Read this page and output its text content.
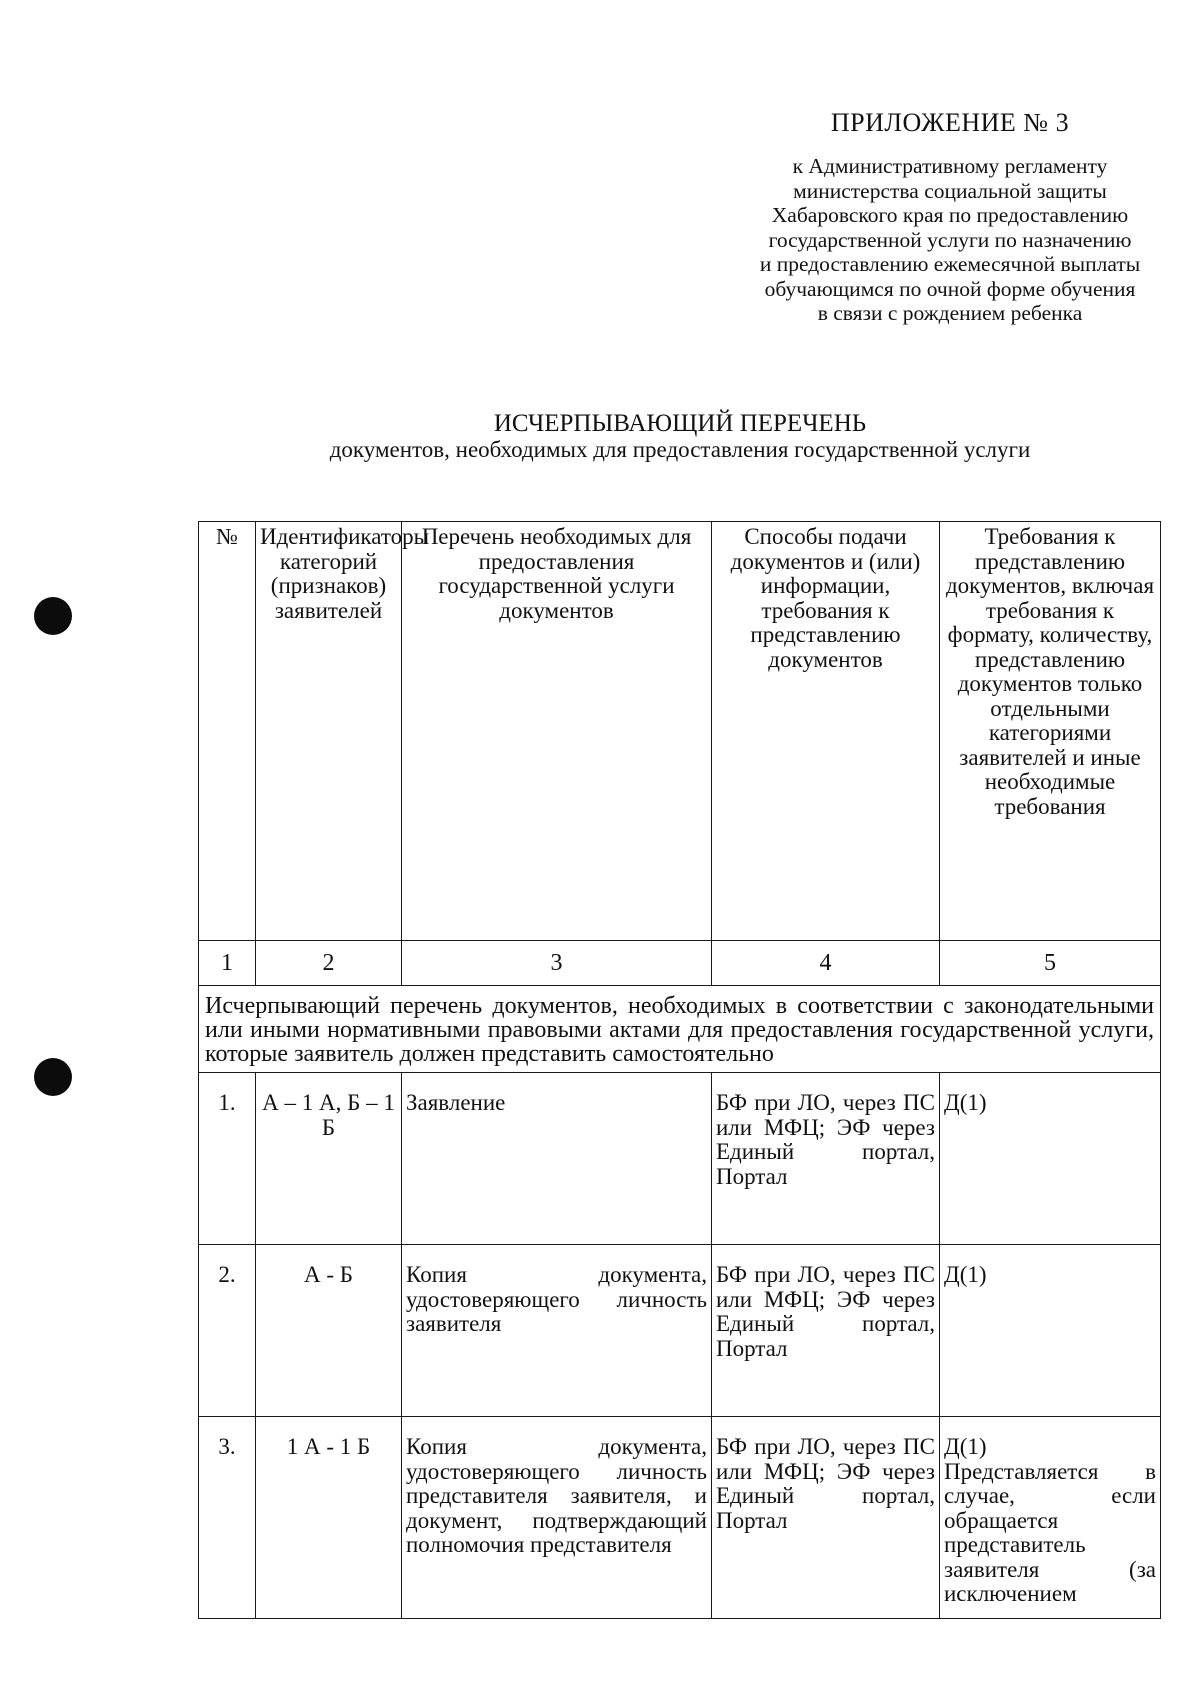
ПРИЛОЖЕНИЕ № 3
к Административному регламенту
министерства социальной защиты
Хабаровского края по предоставлению
государственной услуги по назначению
и предоставлению ежемесячной выплаты
обучающимся по очной форме обучения
в связи с рождением ребенка
ИСЧЕРПЫВАЮЩИЙ ПЕРЕЧЕНЬ
документов, необходимых для предоставления государственной услуги
№	Идентификаторы категорий (признаков) заявителей	Перечень необходимых для предоставления государственной услуги документов	Способы подачи документов и (или) информации, требования к представлению документов	Требования к представлению документов, включая требования к формату, количеству, представлению документов только отдельными категориями заявителей и иные необходимые требования
1	2	3	4	5
Исчерпывающий перечень документов, необходимых в соответствии с законодательными или иными нормативными правовыми актами для предоставления государственной услуги, которые заявитель должен представить самостоятельно				
1.	А – 1 А, Б – 1 Б	Заявление	БФ при ЛО, через ПС или МФЦ; ЭФ через Единый портал, Портал	Д(1)

2.	А - Б	Копия документа, удостоверяющего личность заявителя	БФ при ЛО, через ПС или МФЦ; ЭФ через Единый портал, Портал	Д(1)

3.	1 А - 1 Б	Копия документа, удостоверяющего личность представителя заявителя, и документ, подтверждающий полномочия представителя	БФ при ЛО, через ПС или МФЦ; ЭФ через Единый портал, Портал	Д(1)
Представляется в случае, если обращается представитель заявителя (за исключением
